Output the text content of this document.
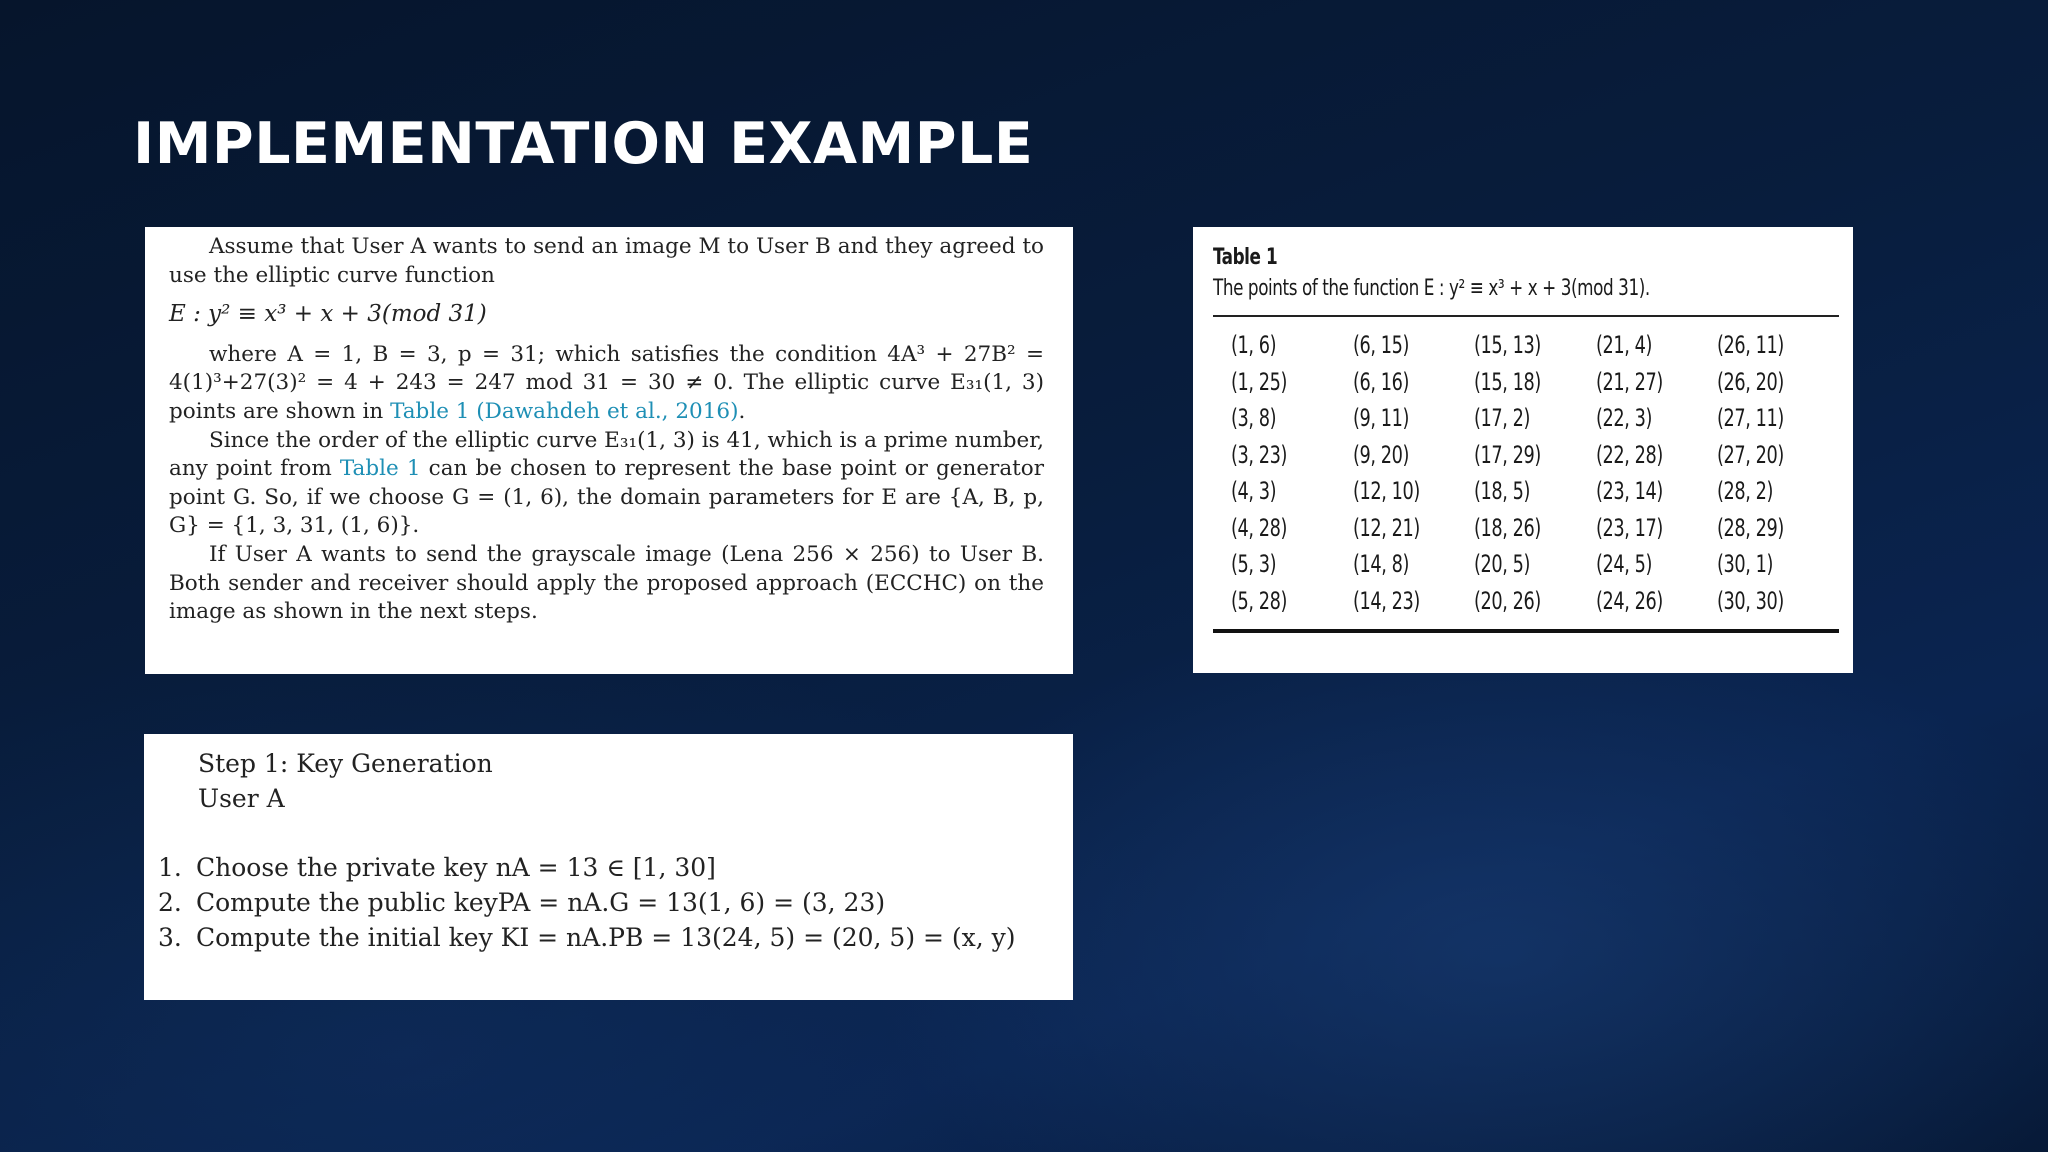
IMPLEMENTATION EXAMPLE

Assume that User A wants to send an image M to User B and they agreed to use the elliptic curve function

E : y² ≡ x³ + x + 3(mod 31)

where A = 1, B = 3, p = 31; which satisfies the condition 4A³ + 27B² = 4(1)³+27(3)² = 4 + 243 = 247 mod 31 = 30 ≠ 0. The elliptic curve E₃₁(1, 3) points are shown in Table 1 (Dawahdeh et al., 2016).

Since the order of the elliptic curve E₃₁(1, 3) is 41, which is a prime number, any point from Table 1 can be chosen to represent the base point or generator point G. So, if we choose G = (1, 6), the domain parameters for E are {A, B, p, G} = {1, 3, 31, (1, 6)}.

If User A wants to send the grayscale image (Lena 256 × 256) to User B. Both sender and receiver should apply the proposed approach (ECCHC) on the image as shown in the next steps.

Table 1
The points of the function E : y² ≡ x³ + x + 3(mod 31).
(1, 6)	(6, 15)	(15, 13)	(21, 4)	(26, 11)
(1, 25)	(6, 16)	(15, 18)	(21, 27)	(26, 20)
(3, 8)	(9, 11)	(17, 2)	(22, 3)	(27, 11)
(3, 23)	(9, 20)	(17, 29)	(22, 28)	(27, 20)
(4, 3)	(12, 10)	(18, 5)	(23, 14)	(28, 2)
(4, 28)	(12, 21)	(18, 26)	(23, 17)	(28, 29)
(5, 3)	(14, 8)	(20, 5)	(24, 5)	(30, 1)
(5, 28)	(14, 23)	(20, 26)	(24, 26)	(30, 30)

Step 1: Key Generation

User A

1. Choose the private key nA = 13 ∈ [1, 30]
2. Compute the public keyPA = nA.G = 13(1, 6) = (3, 23)
3. Compute the initial key KI = nA.PB = 13(24, 5) = (20, 5) = (x, y)
